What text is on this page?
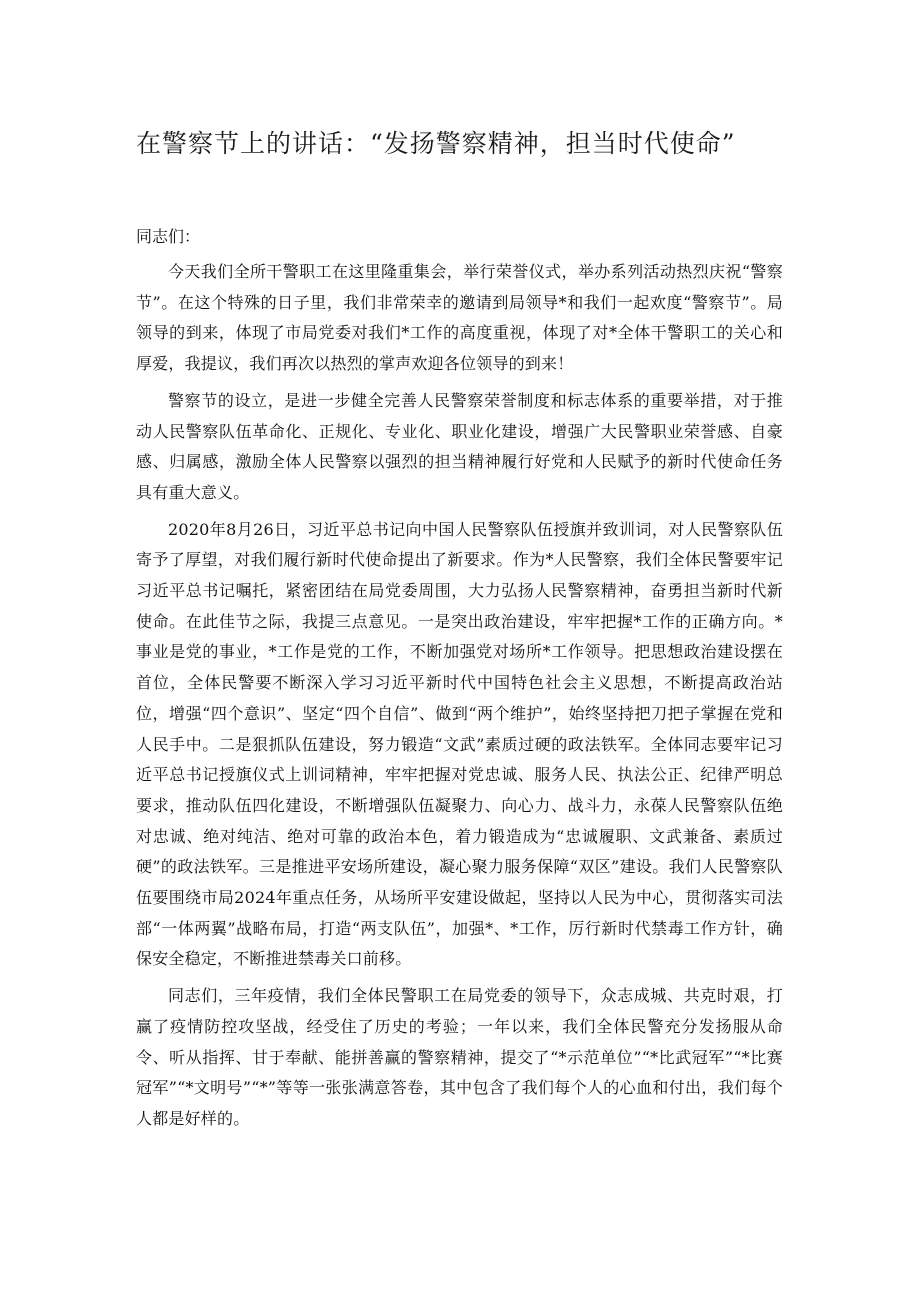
在警察节上的讲话：“发扬警察精神，担当时代使命”
同志们：

今天我们全所干警职工在这里隆重集会，举行荣誉仪式，举办系列活动热烈庆祝“警察节”。在这个特殊的日子里，我们非常荣幸的邀请到局领导*和我们一起欢度“警察节”。局领导的到来，体现了市局党委对我们*工作的高度重视，体现了对*全体干警职工的关心和厚爱，我提议，我们再次以热烈的掌声欢迎各位领导的到来！

警察节的设立，是进一步健全完善人民警察荣誉制度和标志体系的重要举措，对于推动人民警察队伍革命化、正规化、专业化、职业化建设，增强广大民警职业荣誉感、自豪感、归属感，激励全体人民警察以强烈的担当精神履行好党和人民赋予的新时代使命任务具有重大意义。

2020年8月26日，习近平总书记向中国人民警察队伍授旗并致训词，对人民警察队伍寄予了厚望，对我们履行新时代使命提出了新要求。作为*人民警察，我们全体民警要牢记习近平总书记嘱托，紧密团结在局党委周围，大力弘扬人民警察精神，奋勇担当新时代新使命。在此佳节之际，我提三点意见。一是突出政治建设，牢牢把握*工作的正确方向。*事业是党的事业，*工作是党的工作，不断加强党对场所*工作领导。把思想政治建设摆在首位，全体民警要不断深入学习习近平新时代中国特色社会主义思想，不断提高政治站位，增强“四个意识”、坚定“四个自信”、做到“两个维护”，始终坚持把刀把子掌握在党和人民手中。二是狠抓队伍建设，努力锻造“文武”素质过硬的政法铁军。全体同志要牢记习近平总书记授旗仪式上训词精神，牢牢把握对党忠诚、服务人民、执法公正、纪律严明总要求，推动队伍四化建设，不断增强队伍凝聚力、向心力、战斗力，永葆人民警察队伍绝对忠诚、绝对纯洁、绝对可靠的政治本色，着力锻造成为“忠诚履职、文武兼备、素质过硬”的政法铁军。三是推进平安场所建设，凝心聚力服务保障“双区”建设。我们人民警察队伍要围绕市局2024年重点任务，从场所平安建设做起，坚持以人民为中心，贯彻落实司法部“一体两翼”战略布局，打造“两支队伍”，加强*、*工作，厉行新时代禁毒工作方针，确保安全稳定，不断推进禁毒关口前移。

同志们，三年疫情，我们全体民警职工在局党委的领导下，众志成城、共克时艰，打赢了疫情防控攻坚战，经受住了历史的考验；一年以来，我们全体民警充分发扬服从命令、听从指挥、甘于奉献、能拼善赢的警察精神，提交了“*示范单位”“*比武冠军”“*比赛冠军”“*文明号”“*”等等一张张满意答卷，其中包含了我们每个人的心血和付出，我们每个人都是好样的。
